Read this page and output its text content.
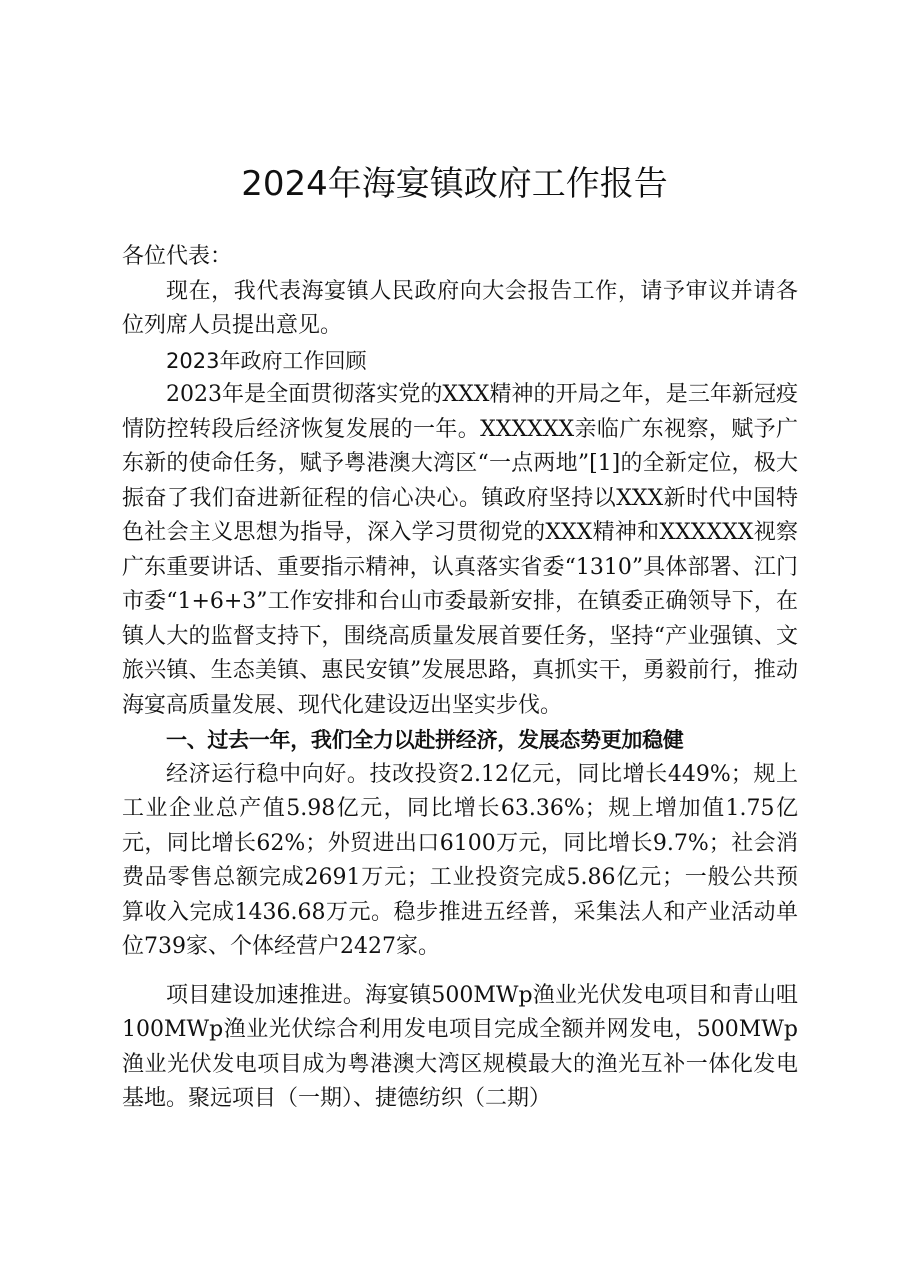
2024年海宴镇政府工作报告

各位代表：

现在，我代表海宴镇人民政府向大会报告工作，请予审议并请各位列席人员提出意见。

2023年政府工作回顾

2023年是全面贯彻落实党的XXX精神的开局之年，是三年新冠疫情防控转段后经济恢复发展的一年。XXXXXX亲临广东视察，赋予广东新的使命任务，赋予粤港澳大湾区“一点两地”[1]的全新定位，极大振奋了我们奋进新征程的信心决心。镇政府坚持以XXX新时代中国特色社会主义思想为指导，深入学习贯彻党的XXX精神和XXXXXX视察广东重要讲话、重要指示精神，认真落实省委“1310”具体部署、江门市委“1+6+3”工作安排和台山市委最新安排，在镇委正确领导下，在镇人大的监督支持下，围绕高质量发展首要任务，坚持“产业强镇、文旅兴镇、生态美镇、惠民安镇”发展思路，真抓实干，勇毅前行，推动海宴高质量发展、现代化建设迈出坚实步伐。

一、过去一年，我们全力以赴拼经济，发展态势更加稳健

经济运行稳中向好。技改投资2.12亿元，同比增长449%；规上工业企业总产值5.98亿元，同比增长63.36%；规上增加值1.75亿元，同比增长62%；外贸进出口6100万元，同比增长9.7%；社会消费品零售总额完成2691万元；工业投资完成5.86亿元；一般公共预算收入完成1436.68万元。稳步推进五经普，采集法人和产业活动单位739家、个体经营户2427家。

项目建设加速推进。海宴镇500MWp渔业光伏发电项目和青山咀100MWp渔业光伏综合利用发电项目完成全额并网发电，500MWp渔业光伏发电项目成为粤港澳大湾区规模最大的渔光互补一体化发电基地。聚远项目（一期）、捷德纺织（二期）
